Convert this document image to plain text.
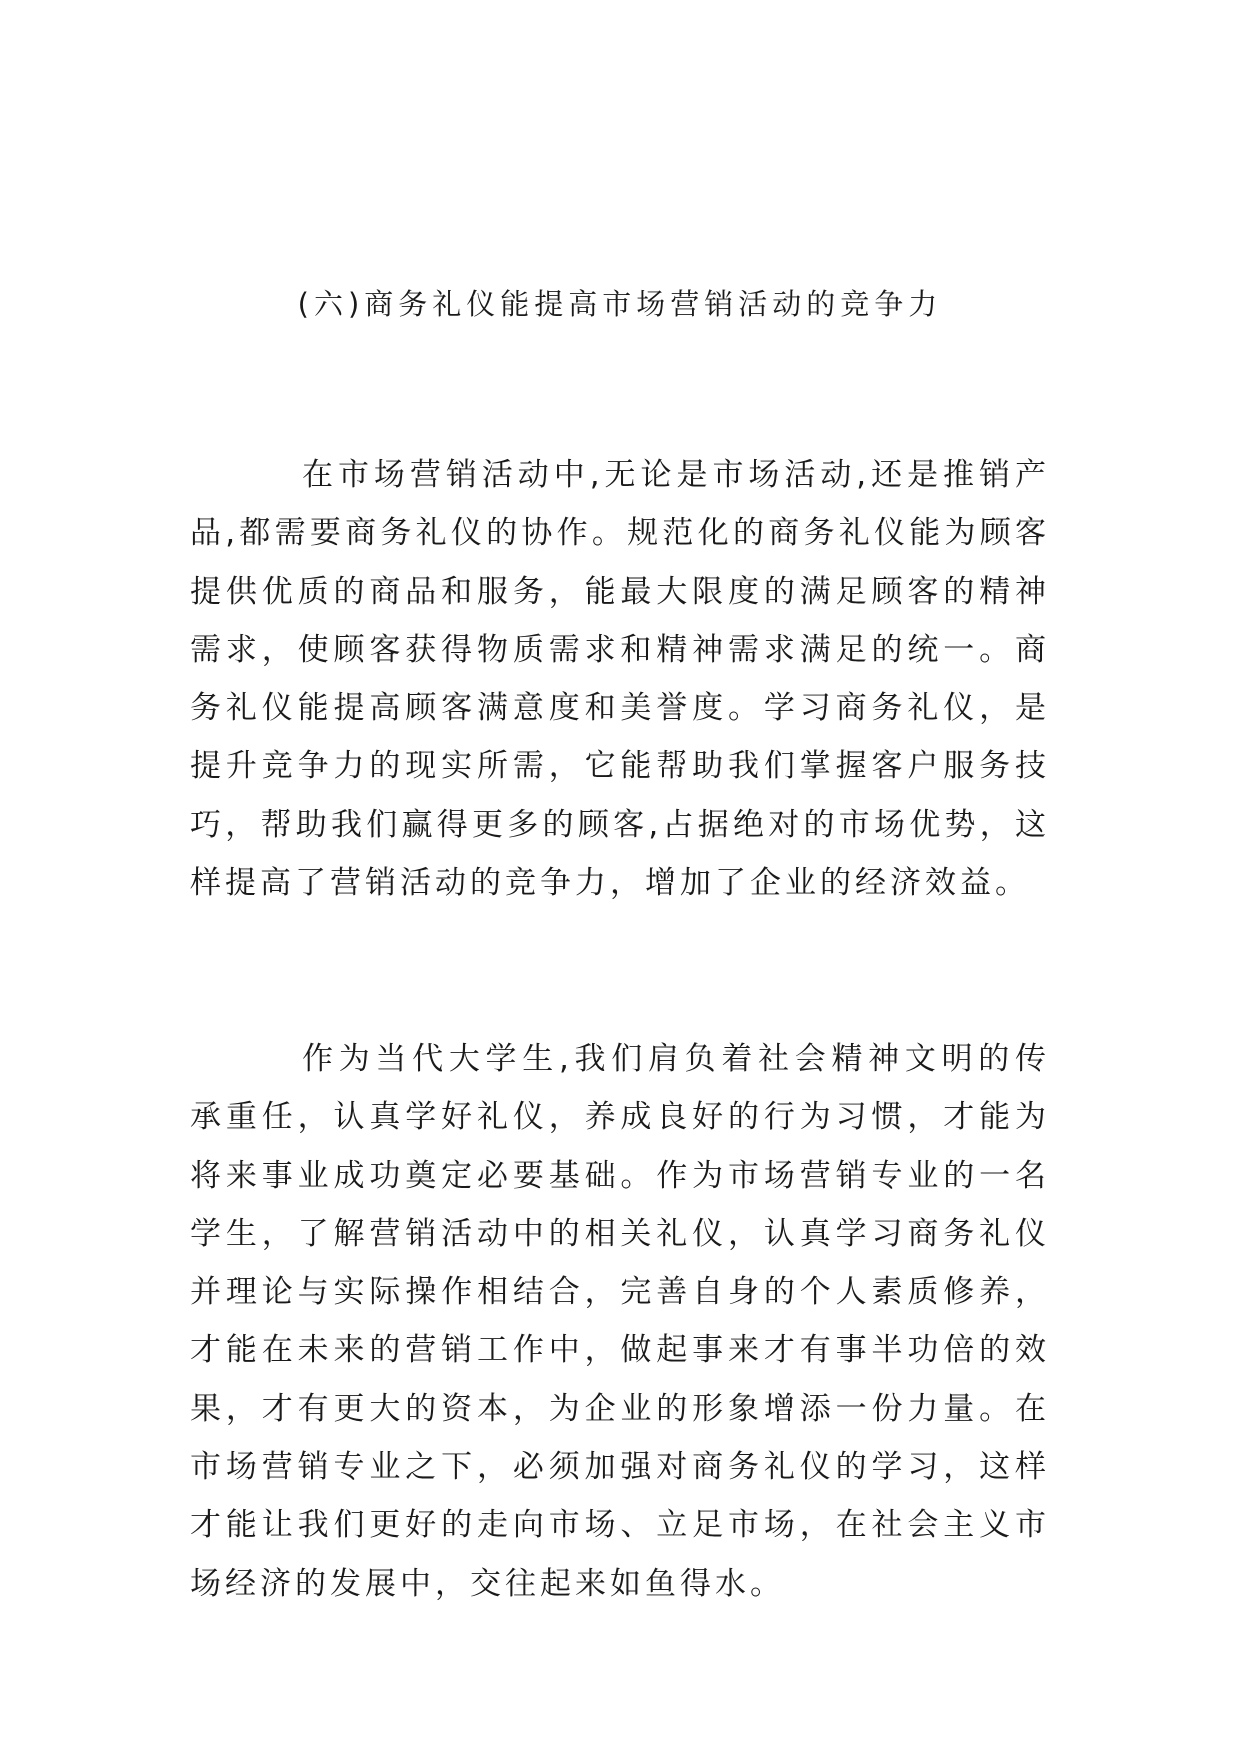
(六)商务礼仪能提高市场营销活动的竞争力

在市场营销活动中,无论是市场活动,还是推销产品,都需要商务礼仪的协作。规范化的商务礼仪能为顾客提供优质的商品和服务，能最大限度的满足顾客的精神需求，使顾客获得物质需求和精神需求满足的统一。商务礼仪能提高顾客满意度和美誉度。学习商务礼仪，是提升竞争力的现实所需，它能帮助我们掌握客户服务技巧，帮助我们赢得更多的顾客,占据绝对的市场优势，这样提高了营销活动的竞争力，增加了企业的经济效益。

作为当代大学生,我们肩负着社会精神文明的传承重任，认真学好礼仪，养成良好的行为习惯，才能为将来事业成功奠定必要基础。作为市场营销专业的一名学生，了解营销活动中的相关礼仪，认真学习商务礼仪并理论与实际操作相结合，完善自身的个人素质修养，才能在未来的营销工作中，做起事来才有事半功倍的效果，才有更大的资本，为企业的形象增添一份力量。在市场营销专业之下，必须加强对商务礼仪的学习，这样才能让我们更好的走向市场、立足市场，在社会主义市场经济的发展中，交往起来如鱼得水。
